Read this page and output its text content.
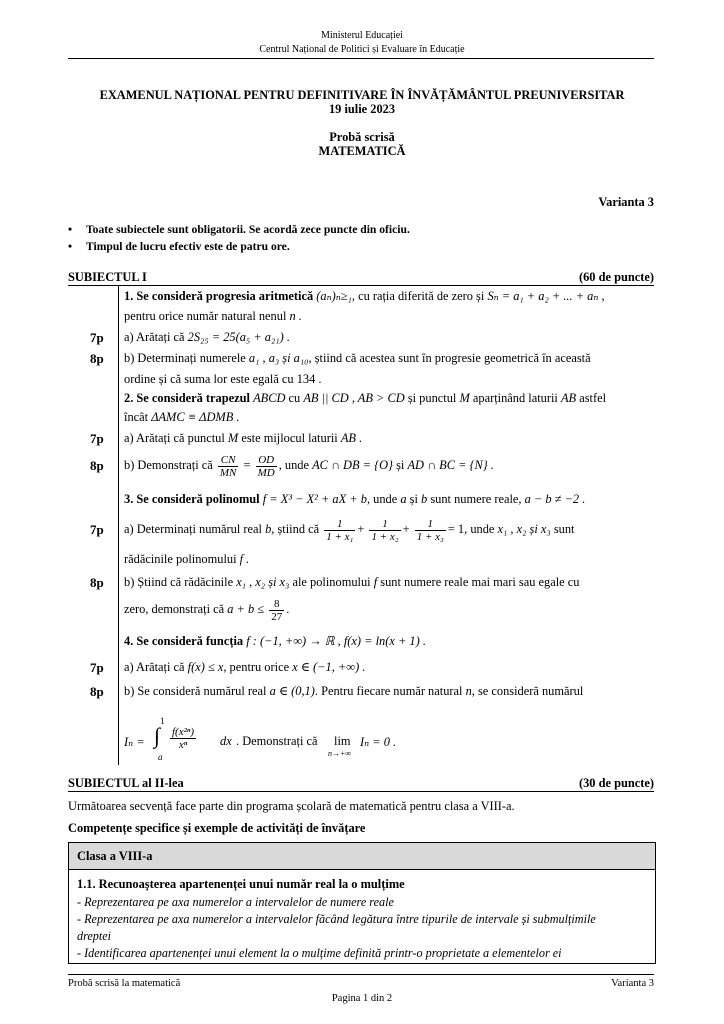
Ministerul Educației
Centrul Național de Politici și Evaluare în Educație
EXAMENUL NAȚIONAL PENTRU DEFINITIVARE ÎN ÎNVĂȚĂMÂNTUL PREUNIVERSITAR
19 iulie 2023
Probă scrisă
MATEMATICĂ
Varianta 3
• Toate subiectele sunt obligatorii. Se acordă zece puncte din oficiu.
• Timpul de lucru efectiv este de patru ore.
SUBIECTUL I	(60 de puncte)
1. Se consideră progresia aritmetică (aₙ)ₙ≥₁, cu rația diferită de zero și Sₙ = a₁ + a₂ + ... + aₙ ,
pentru orice număr natural nenul n .
7p	a) Arătați că 2S₂₅ = 25(a₅ + a₂₁) .
8p	b) Determinați numerele a₁ , a₃ și a₁₀, știind că acestea sunt în progresie geometrică în această
ordine și că suma lor este egală cu 134 .
2. Se consideră trapezul ABCD cu AB || CD , AB > CD și punctul M aparținând laturii AB astfel
încât ΔAMC ≡ ΔDMB .
7p	a) Arătați că punctul M este mijlocul laturii AB .
8p	b) Demonstrați că $\frac{CN}{MN} = \frac{OD}{MD}$ , unde AC ∩ DB = {O} și AD ∩ BC = {N} .
3. Se consideră polinomul f = X³ − X² + aX + b, unde a și b sunt numere reale, a − b ≠ −2 .
7p	a) Determinați numărul real b, știind că $\frac{1}{\text{1 + x₁}} + \frac{1}{\text{1 + x₂}} + \frac{1}{\text{1 + x₃}} = 1$, unde x₁ , x₂ și x₃ sunt
rădăcinile polinomului f .
8p	b) Știind că rădăcinile x₁ , x₂ și x₃ ale polinomului f sunt numere reale mai mari sau egale cu
zero, demonstrați că $a + b \le \frac{8}{27}$ .
4. Se consideră funcția f : (−1, +∞) → ℝ , f(x) = ln(x + 1) .
7p	a) Arătați că f(x) ≤ x, pentru orice x ∈ (−1, +∞) .
8p	b) Se consideră numărul real a ∈ (0,1). Pentru fiecare număr natural n, se consideră numărul
Iₙ = ∫
1
a
$\frac{\text{f(x²ⁿ)}}{\text{xⁿ}}$ dx . Demonstrați că lim
n→+∞
Iₙ = 0 .
SUBIECTUL al II-lea	(30 de puncte)
Următoarea secvență face parte din programa școlară de matematică pentru clasa a VIII-a.
Competențe specifice și exemple de activități de învățare
Clasa a VIII-a
1.1. Recunoașterea apartenenței unui număr real la o mulțime
- Reprezentarea pe axa numerelor a intervalelor de numere reale
- Reprezentarea pe axa numerelor a intervalelor făcând legătura între tipurile de intervale și submulțimile
dreptei
- Identificarea apartenenței unui element la o mulțime definită printr-o proprietate a elementelor ei
Probă scrisă la matematică	Varianta 3
Pagina 1 din 2
